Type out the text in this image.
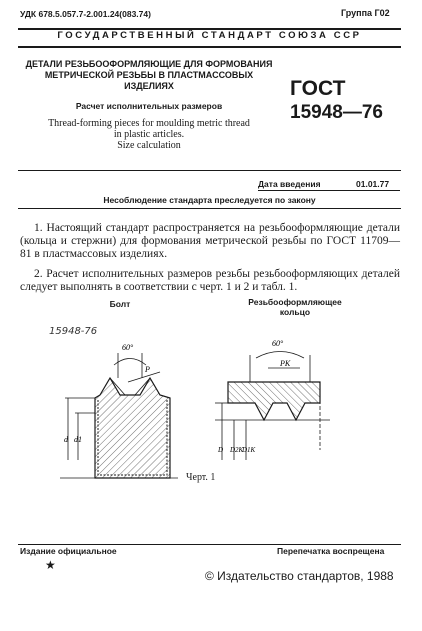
УДК 678.5.057.7-2.001.24(083.74)	Группа Г02
ГОСУДАРСТВЕННЫЙ СТАНДАРТ СОЮЗА ССР
ДЕТАЛИ РЕЗЬБООФОРМЛЯЮЩИЕ ДЛЯ ФОРМОВАНИЯ
МЕТРИЧЕСКОЙ РЕЗЬБЫ В ПЛАСТМАССОВЫХ
ИЗДЕЛИЯХ
Расчет исполнительных размеров
Thread-forming pieces for moulding metric thread
in plastic articles.
Size calculation
ГОСТ
15948—76
Дата введения	01.01.77
Несоблюдение стандарта преследуется по закону
1. Настоящий стандарт распространяется на резьбооформляющие детали (кольца и стержни) для формования метрической резьбы по ГОСТ 11709—81 в пластмассовых изделиях.
2. Расчет исполнительных размеров резьбы резьбооформляющих деталей следует выполнять в соответствии с черт. 1 и 2 и табл. 1.
Болт	Резьбооформляющее
кольцо
15948-76
60°
P
d d1
60°
PK
D D2K
D1K
Черт. 1
Издание официальное	Перепечатка воспрещена
★
© Издательство стандартов, 1988
